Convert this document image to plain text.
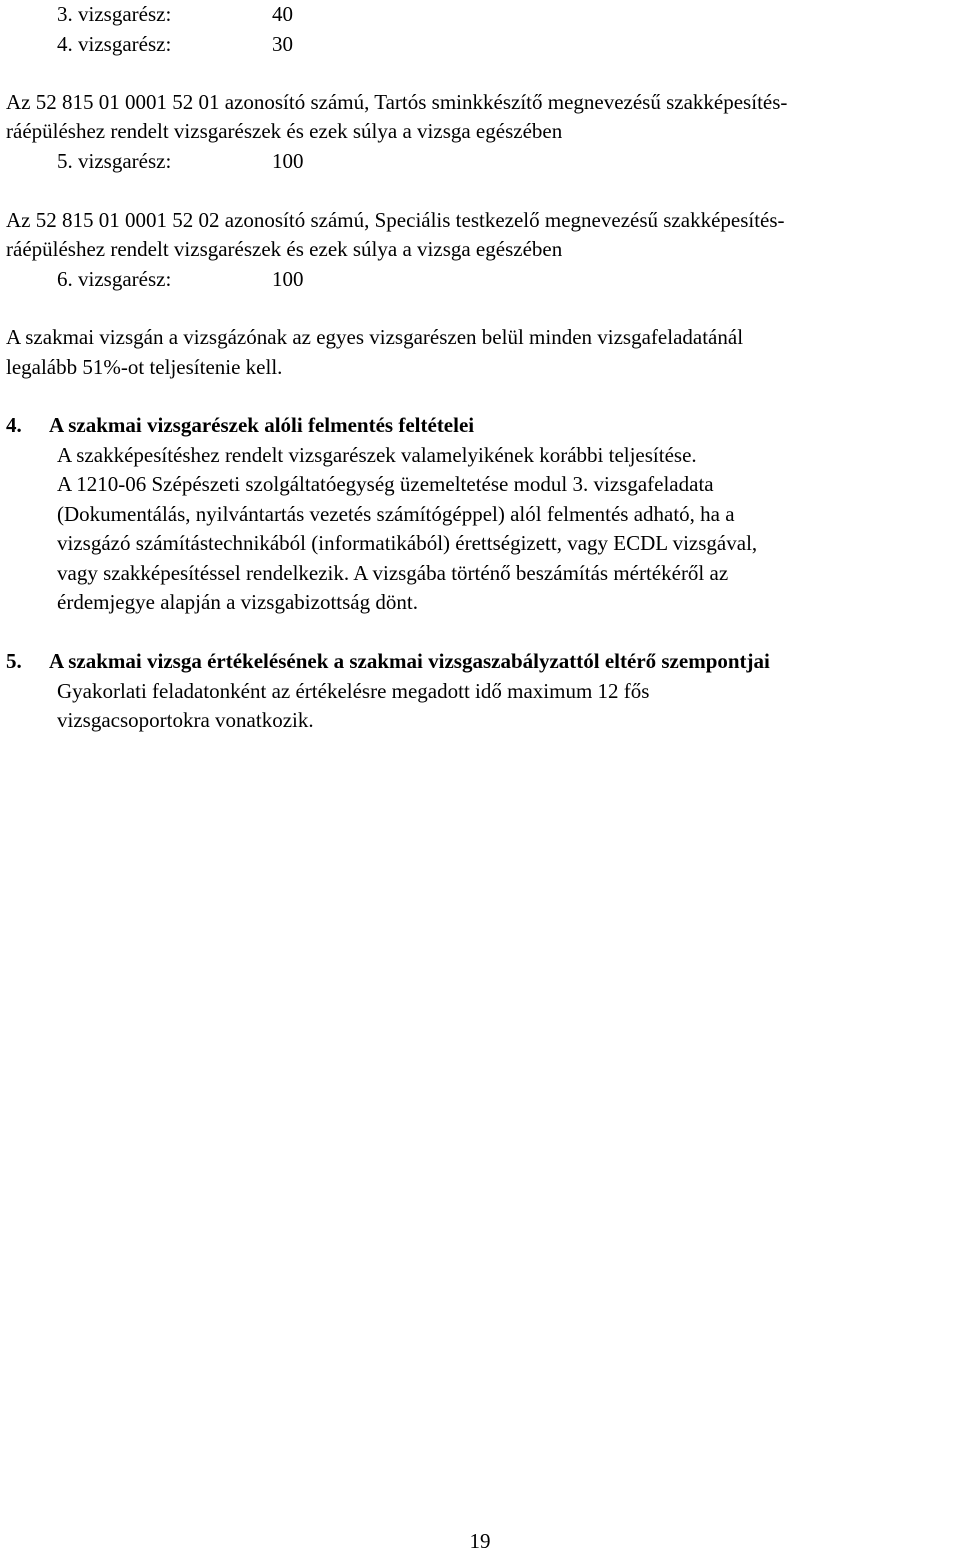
3. vizsgarész:	40
4. vizsgarész:	30
Az 52 815 01 0001 52 01 azonosító számú, Tartós sminkkészítő megnevezésű szakképesítés-
ráépüléshez rendelt vizsgarészek és ezek súlya a vizsga egészében
5. vizsgarész:	100
Az 52 815 01 0001 52 02 azonosító számú, Speciális testkezelő megnevezésű szakképesítés-
ráépüléshez rendelt vizsgarészek és ezek súlya a vizsga egészében
6. vizsgarész:	100
A szakmai vizsgán a vizsgázónak az egyes vizsgarészen belül minden vizsgafeladatánál
legalább 51%-ot teljesítenie kell.
4. A szakmai vizsgarészek alóli felmentés feltételei
A szakképesítéshez rendelt vizsgarészek valamelyikének korábbi teljesítése.
A 1210-06 Szépészeti szolgáltatóegység üzemeltetése modul 3. vizsgafeladata
(Dokumentálás, nyilvántartás vezetés számítógéppel) alól felmentés adható, ha a
vizsgázó számítástechnikából (informatikából) érettségizett, vagy ECDL vizsgával,
vagy szakképesítéssel rendelkezik. A vizsgába történő beszámítás mértékéről az
érdemjegye alapján a vizsgabizottság dönt.
5. A szakmai vizsga értékelésének a szakmai vizsgaszabályzattól eltérő szempontjai
Gyakorlati feladatonként az értékelésre megadott idő maximum 12 fős
vizsgacsoportokra vonatkozik.
19
